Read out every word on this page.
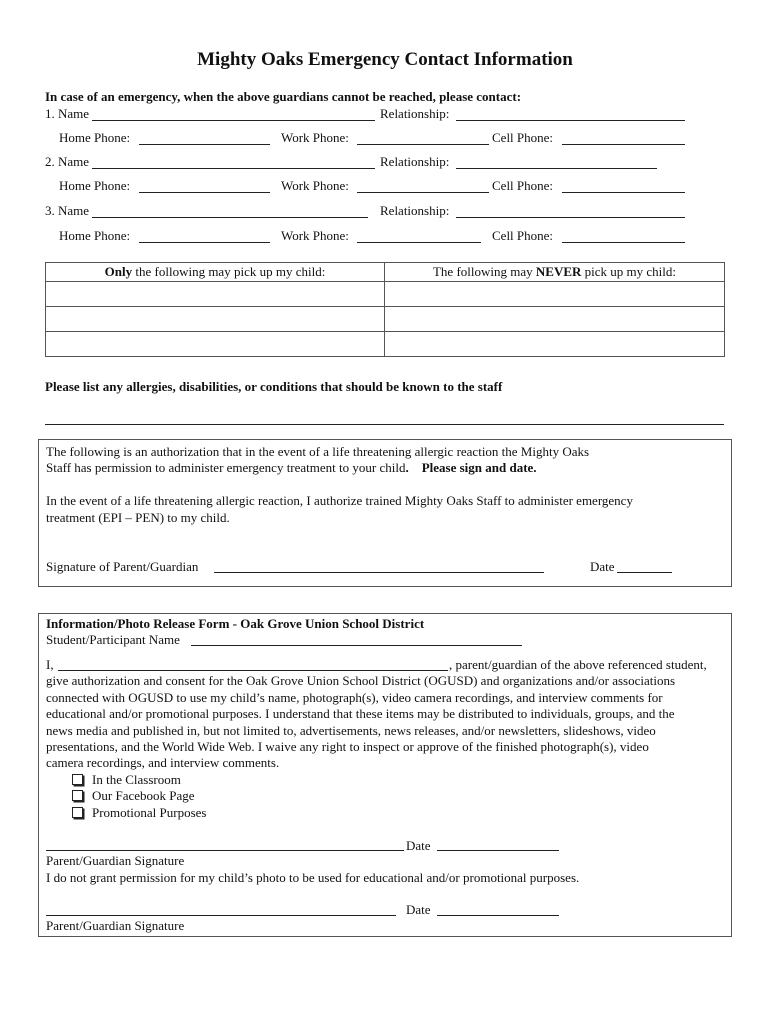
Mighty Oaks Emergency Contact Information
In case of an emergency, when the above guardians cannot be reached, please contact:
1. Name	Relationship:
Home Phone:	Work Phone:	Cell Phone:
2. Name	Relationship:
Home Phone:	Work Phone:	Cell Phone:
3. Name	Relationship:
Home Phone:	Work Phone:	Cell Phone:
Only the following may pick up my child:	The following may NEVER pick up my child:

Please list any allergies, disabilities, or conditions that should be known to the staff
The following is an authorization that in the event of a life threatening allergic reaction the Mighty Oaks
Staff has permission to administer emergency treatment to your child. Please sign and date.
In the event of a life threatening allergic reaction, I authorize trained Mighty Oaks Staff to administer emergency
treatment (EPI – PEN) to my child.
Signature of Parent/Guardian	Date
Information/Photo Release Form - Oak Grove Union School District
Student/Participant Name
I,	, parent/guardian of the above referenced student,
give authorization and consent for the Oak Grove Union School District (OGUSD) and organizations and/or associations
connected with OGUSD to use my child’s name, photograph(s), video camera recordings, and interview comments for
educational and/or promotional purposes. I understand that these items may be distributed to individuals, groups, and the
news media and published in, but not limited to, advertisements, news releases, and/or newsletters, slideshows, video
presentations, and the World Wide Web. I waive any right to inspect or approve of the finished photograph(s), video
camera recordings, and interview comments.
In the Classroom
Our Facebook Page
Promotional Purposes
Date
Parent/Guardian Signature
I do not grant permission for my child’s photo to be used for educational and/or promotional purposes.
Date
Parent/Guardian Signature
